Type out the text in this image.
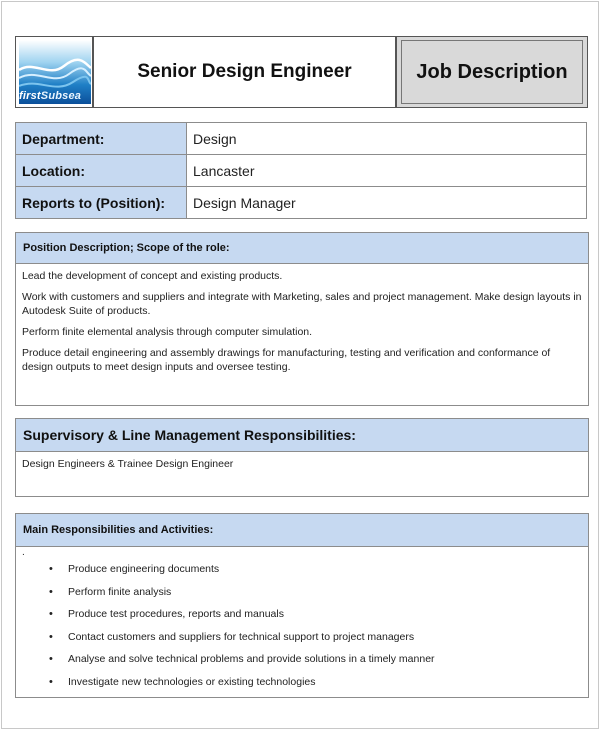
firstSubsea
Senior Design Engineer	Job Description
Department:	Design
Location:	Lancaster
Reports to (Position):	Design Manager
Position Description; Scope of the role:

Lead the development of concept and existing products.

Work with customers and suppliers and integrate with Marketing, sales and project management. Make design layouts in Autodesk Suite of products.

Perform finite elemental analysis through computer simulation.

Produce detail engineering and assembly drawings for manufacturing, testing and verification and conformance of design outputs to meet design inputs and oversee testing.

Supervisory & Line Management Responsibilities:

Design Engineers & Trainee Design Engineer

Main Responsibilities and Activities:
.
• Produce engineering documents
• Perform finite analysis
• Produce test procedures, reports and manuals
• Contact customers and suppliers for technical support to project managers
• Analyse and solve technical problems and provide solutions in a timely manner
• Investigate new technologies or existing technologies
